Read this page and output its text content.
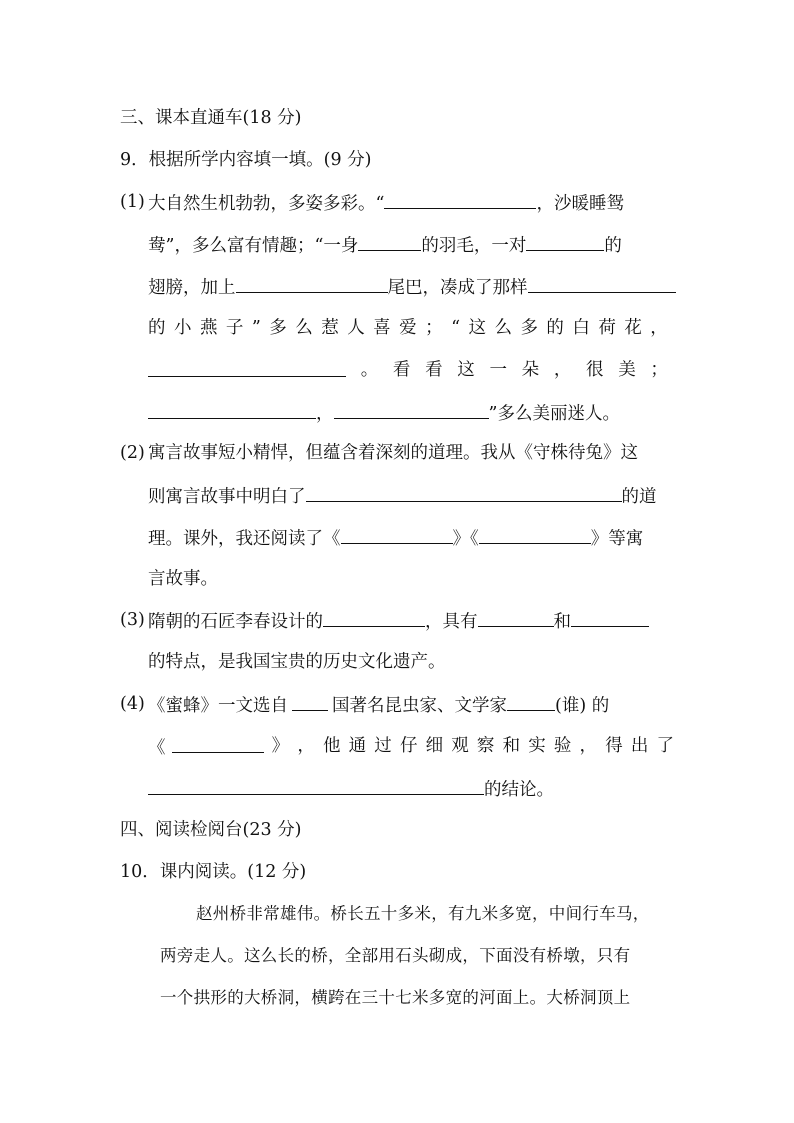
三、课本直通车(18 分)
9．根据所学内容填一填。(9 分)
(1) 大自然生机勃勃，多姿多彩。“	，沙暖睡鸳
鸯”，多么富有情趣；“一身	的羽毛，一对	的
翅膀，加上	尾巴，凑成了那样
的 小 燕 子 ” 多 么 惹 人 喜 爱 ； “ 这 么 多 的 白 荷 花 ，
。 看 看 这 一 朵 ， 很 美 ；
，	”多么美丽迷人。
(2) 寓言故事短小精悍，但蕴含着深刻的道理。我从《守株待兔》这
则寓言故事中明白了	的道
理。课外，我还阅读了《	》《	》等寓
言故事。
(3) 隋朝的石匠李春设计的	，具有	和
的特点，是我国宝贵的历史文化遗产。
(4) 《蜜蜂》一文选自	国著名昆虫家、文学家	(谁) 的
《	》 ， 他 通 过 仔 细 观 察 和 实 验 ， 得 出 了
的结论。
四、阅读检阅台(23 分)
10．课内阅读。(12 分)
赵州桥非常雄伟。桥长五十多米，有九米多宽，中间行车马，
两旁走人。这么长的桥，全部用石头砌成，下面没有桥墩，只有
一个拱形的大桥洞，横跨在三十七米多宽的河面上。大桥洞顶上
